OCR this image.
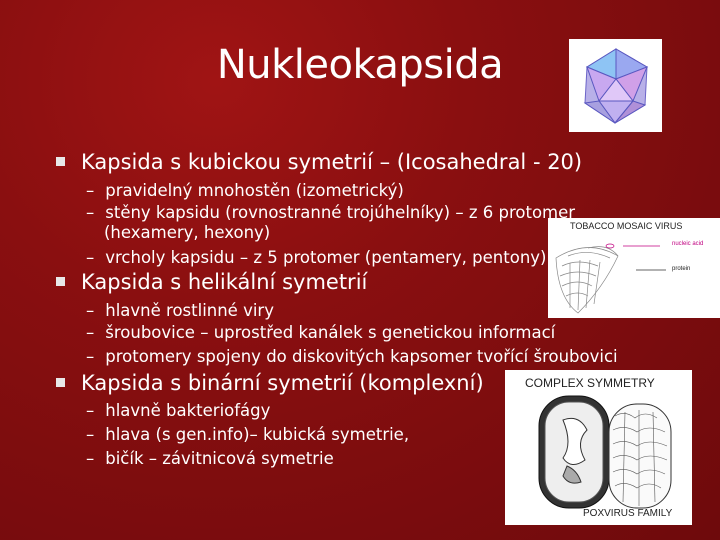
Nukleokapsida
TOBACCO MOSAIC VIRUS
nucleic acid
protein
COMPLEX SYMMETRY
POXVIRUS FAMILY
Kapsida s kubickou symetrií – (Icosahedral - 20)
– pravidelný mnohostěn (izometrický)
– stěny kapsidu (rovnostranné trojúhelníky) – z 6 protomer
(hexamery, hexony)
– vrcholy kapsidu – z 5 protomer (pentamery, pentony)
Kapsida s helikální symetrií
– hlavně rostlinné viry
– šroubovice – uprostřed kanálek s genetickou informací
– protomery spojeny do diskovitých kapsomer tvořící šroubovici
Kapsida s binární symetrií (komplexní)
– hlavně bakteriofágy
– hlava (s gen.info)– kubická symetrie,
– bičík – závitnicová symetrie
